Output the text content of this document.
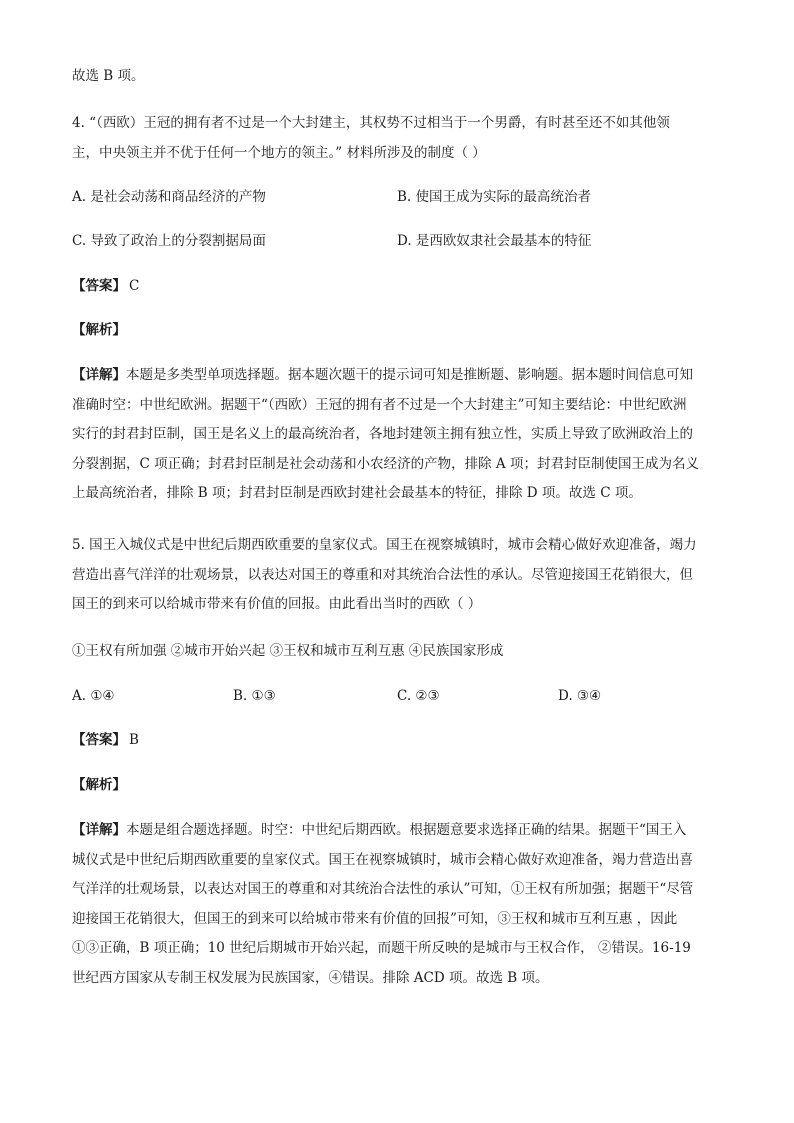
故选 B 项。
4. “（西欧）王冠的拥有者不过是一个大封建主，其权势不过相当于一个男爵，有时甚至还不如其他领
主，中央领主并不优于任何一个地方的领主。” 材料所涉及的制度（ ）
A. 是社会动荡和商品经济的产物	B. 使国王成为实际的最高统治者
C. 导致了政治上的分裂割据局面	D. 是西欧奴隶社会最基本的特征
【答案】 C
【解析】
【详解】本题是多类型单项选择题。据本题次题干的提示词可知是推断题、影响题。据本题时间信息可知
准确时空：中世纪欧洲。据题干“（西欧）王冠的拥有者不过是一个大封建主”可知主要结论：中世纪欧洲
实行的封君封臣制，国王是名义上的最高统治者，各地封建领主拥有独立性，实质上导致了欧洲政治上的
分裂割据，C 项正确；封君封臣制是社会动荡和小农经济的产物，排除 A 项；封君封臣制使国王成为名义
上最高统治者，排除 B 项；封君封臣制是西欧封建社会最基本的特征，排除 D 项。故选 C 项。
5. 国王入城仪式是中世纪后期西欧重要的皇家仪式。国王在视察城镇时，城市会精心做好欢迎准备，竭力
营造出喜气洋洋的壮观场景，以表达对国王的尊重和对其统治合法性的承认。尽管迎接国王花销很大，但
国王的到来可以给城市带来有价值的回报。由此看出当时的西欧（ ）
①王权有所加强 ②城市开始兴起 ③王权和城市互利互惠 ④民族国家形成
A. ①④	B. ①③	C. ②③	D. ③④
【答案】 B
【解析】
【详解】本题是组合题选择题。时空：中世纪后期西欧。根据题意要求选择正确的结果。据题干“国王入
城仪式是中世纪后期西欧重要的皇家仪式。国王在视察城镇时，城市会精心做好欢迎准备，竭力营造出喜
气洋洋的壮观场景，以表达对国王的尊重和对其统治合法性的承认”可知，①王权有所加强；据题干“尽管
迎接国王花销很大，但国王的到来可以给城市带来有价值的回报”可知，③王权和城市互利互惠 ，因此
①③正确，B 项正确；10 世纪后期城市开始兴起，而题干所反映的是城市与王权合作， ②错误。16-19
世纪西方国家从专制王权发展为民族国家，④错误。排除 ACD 项。故选 B 项。
